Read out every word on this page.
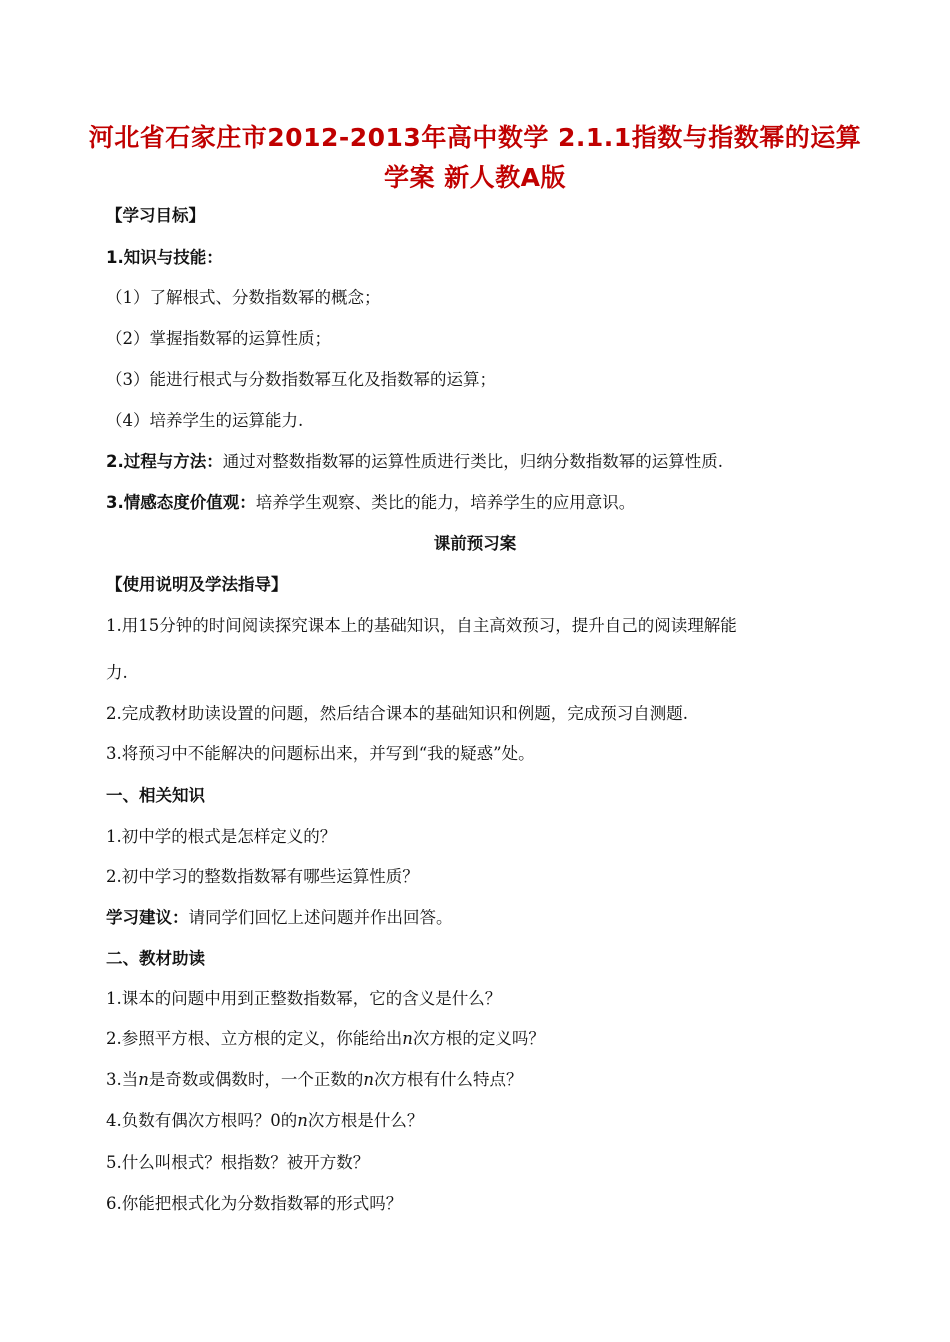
河北省石家庄市2012-2013年高中数学 2.1.1指数与指数幂的运算
学案 新人教A版
【学习目标】
1.知识与技能：
（1）了解根式、分数指数幂的概念；
（2）掌握指数幂的运算性质；
（3）能进行根式与分数指数幂互化及指数幂的运算；
（4）培养学生的运算能力.
2.过程与方法：通过对整数指数幂的运算性质进行类比，归纳分数指数幂的运算性质.
3.情感态度价值观：培养学生观察、类比的能力，培养学生的应用意识。
课前预习案
【使用说明及学法指导】
1.用15分钟的时间阅读探究课本上的基础知识，自主高效预习，提升自己的阅读理解能
力.
2.完成教材助读设置的问题，然后结合课本的基础知识和例题，完成预习自测题.
3.将预习中不能解决的问题标出来，并写到“我的疑惑”处。
一、相关知识
1.初中学的根式是怎样定义的？
2.初中学习的整数指数幂有哪些运算性质？
学习建议：请同学们回忆上述问题并作出回答。
二、教材助读
1.课本的问题中用到正整数指数幂，它的含义是什么？
2.参照平方根、立方根的定义，你能给出n次方根的定义吗？
3.当n是奇数或偶数时，一个正数的n次方根有什么特点？
4.负数有偶次方根吗？0的n次方根是什么？
5.什么叫根式？根指数？被开方数？
6.你能把根式化为分数指数幂的形式吗？
